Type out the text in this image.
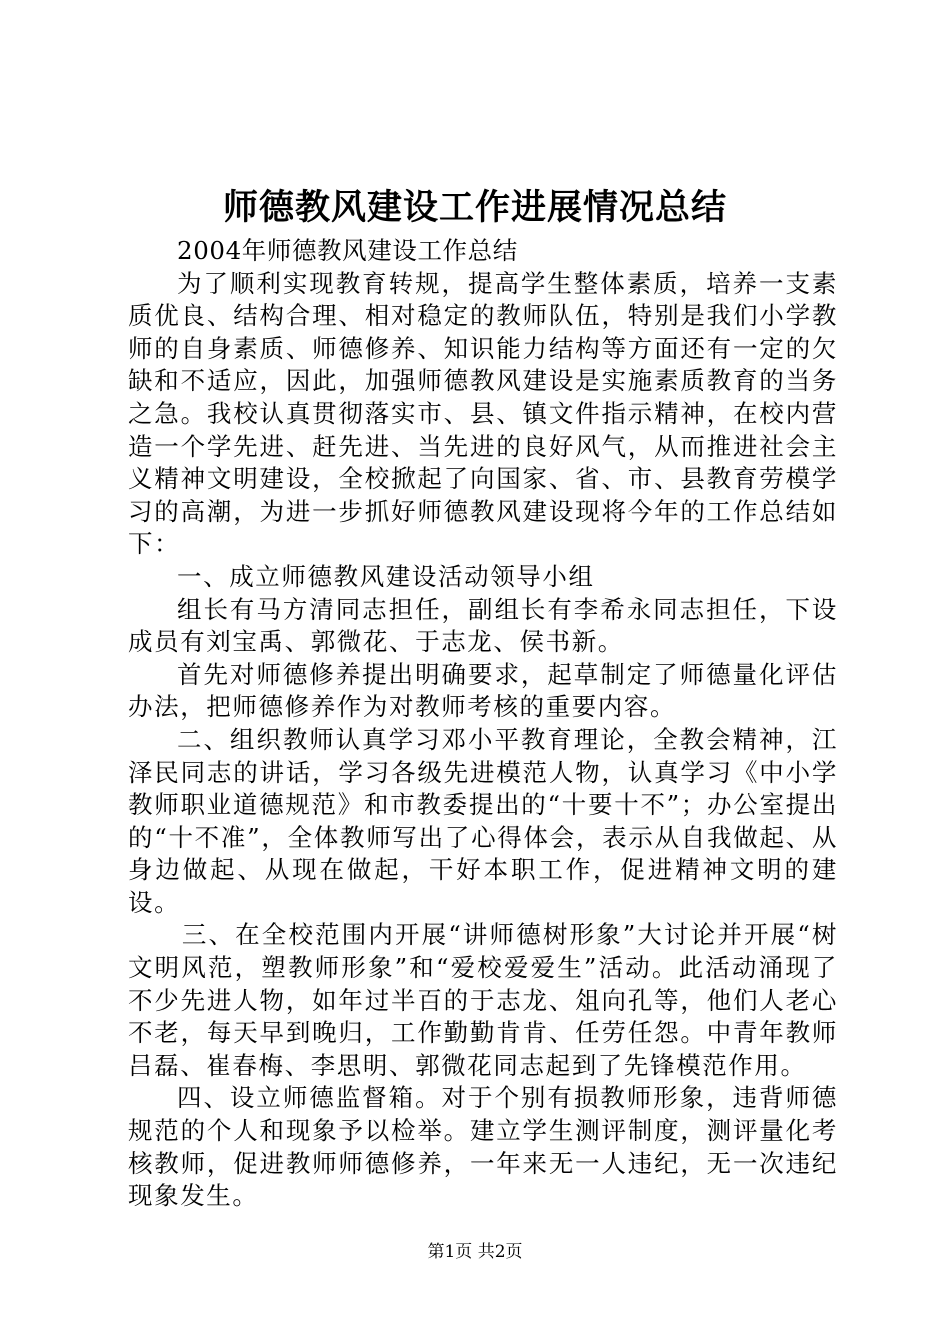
师德教风建设工作进展情况总结

2004年师德教风建设工作总结

为了顺利实现教育转规，提高学生整体素质，培养一支素质优良、结构合理、相对稳定的教师队伍，特别是我们小学教师的自身素质、师德修养、知识能力结构等方面还有一定的欠缺和不适应，因此，加强师德教风建设是实施素质教育的当务之急。我校认真贯彻落实市、县、镇文件指示精神，在校内营造一个学先进、赶先进、当先进的良好风气，从而推进社会主义精神文明建设，全校掀起了向国家、省、市、县教育劳模学习的高潮，为进一步抓好师德教风建设现将今年的工作总结如下：

一、成立师德教风建设活动领导小组

组长有马方清同志担任，副组长有李希永同志担任，下设成员有刘宝禹、郭微花、于志龙、侯书新。

首先对师德修养提出明确要求，起草制定了师德量化评估办法，把师德修养作为对教师考核的重要内容。

二、组织教师认真学习邓小平教育理论，全教会精神，江泽民同志的讲话，学习各级先进模范人物，认真学习《中小学教师职业道德规范》和市教委提出的“十要十不”；办公室提出的“十不准”，全体教师写出了心得体会，表示从自我做起、从身边做起、从现在做起，干好本职工作，促进精神文明的建设。

三、在全校范围内开展“讲师德树形象”大讨论并开展“树文明风范，塑教师形象”和“爱校爱爱生”活动。此活动涌现了不少先进人物，如年过半百的于志龙、俎向孔等，他们人老心不老，每天早到晚归，工作勤勤肯肯、任劳任怨。中青年教师吕磊、崔春梅、李思明、郭微花同志起到了先锋模范作用。

四、设立师德监督箱。对于个别有损教师形象，违背师德规范的个人和现象予以检举。建立学生测评制度，测评量化考核教师，促进教师师德修养，一年来无一人违纪，无一次违纪现象发生。

第1页 共2页
